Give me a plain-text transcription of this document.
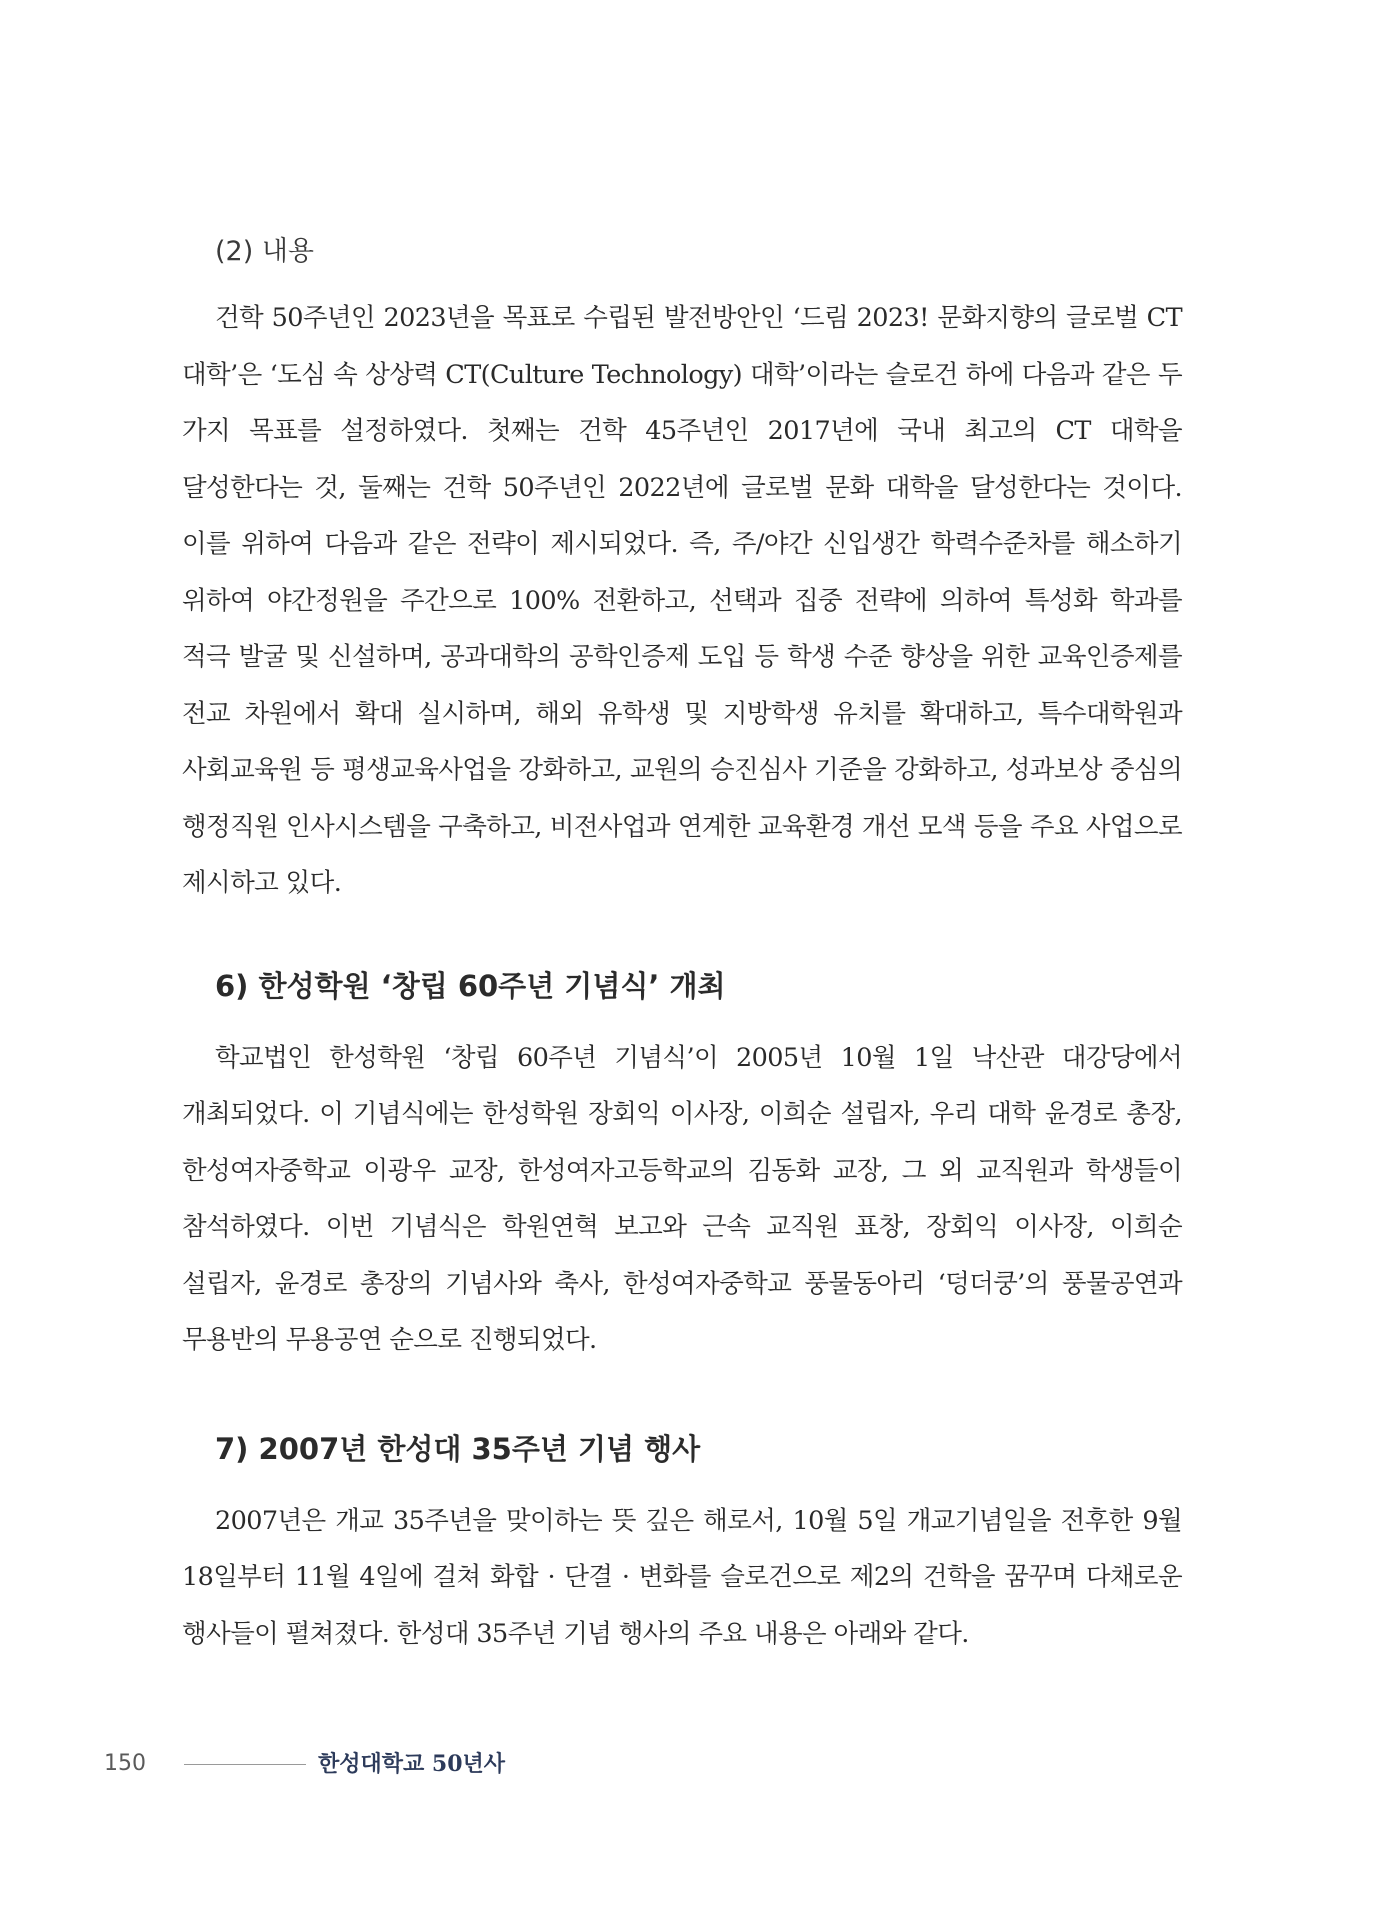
(2) 내용

건학 50주년인 2023년을 목표로 수립된 발전방안인 ‘드림 2023! 문화지향의 글로벌 CT 대학’은 ‘도심 속 상상력 CT(Culture Technology) 대학’이라는 슬로건 하에 다음과 같은 두 가지 목표를 설정하였다. 첫째는 건학 45주년인 2017년에 국내 최고의 CT 대학을 달성한다는 것, 둘째는 건학 50주년인 2022년에 글로벌 문화 대학을 달성한다는 것이다. 이를 위하여 다음과 같은 전략이 제시되었다. 즉, 주/야간 신입생간 학력수준차를 해소하기 위하여 야간정원을 주간으로 100% 전환하고, 선택과 집중 전략에 의하여 특성화 학과를 적극 발굴 및 신설하며, 공과대학의 공학인증제 도입 등 학생 수준 향상을 위한 교육인증제를 전교 차원에서 확대 실시하며, 해외 유학생 및 지방학생 유치를 확대하고, 특수대학원과 사회교육원 등 평생교육사업을 강화하고, 교원의 승진심사 기준을 강화하고, 성과보상 중심의 행정직원 인사시스템을 구축하고, 비전사업과 연계한 교육환경 개선 모색 등을 주요 사업으로 제시하고 있다.

6) 한성학원 ‘창립 60주년 기념식’ 개최

학교법인 한성학원 ‘창립 60주년 기념식’이 2005년 10월 1일 낙산관 대강당에서 개최되었다. 이 기념식에는 한성학원 장회익 이사장, 이희순 설립자, 우리 대학 윤경로 총장, 한성여자중학교 이광우 교장, 한성여자고등학교의 김동화 교장, 그 외 교직원과 학생들이 참석하였다. 이번 기념식은 학원연혁 보고와 근속 교직원 표창, 장회익 이사장, 이희순 설립자, 윤경로 총장의 기념사와 축사, 한성여자중학교 풍물동아리 ‘덩더쿵’의 풍물공연과 무용반의 무용공연 순으로 진행되었다.

7) 2007년 한성대 35주년 기념 행사

2007년은 개교 35주년을 맞이하는 뜻 깊은 해로서, 10월 5일 개교기념일을 전후한 9월 18일부터 11월 4일에 걸쳐 화합 · 단결 · 변화를 슬로건으로 제2의 건학을 꿈꾸며 다채로운 행사들이 펼쳐졌다. 한성대 35주년 기념 행사의 주요 내용은 아래와 같다.

150	한성대학교 50년사
